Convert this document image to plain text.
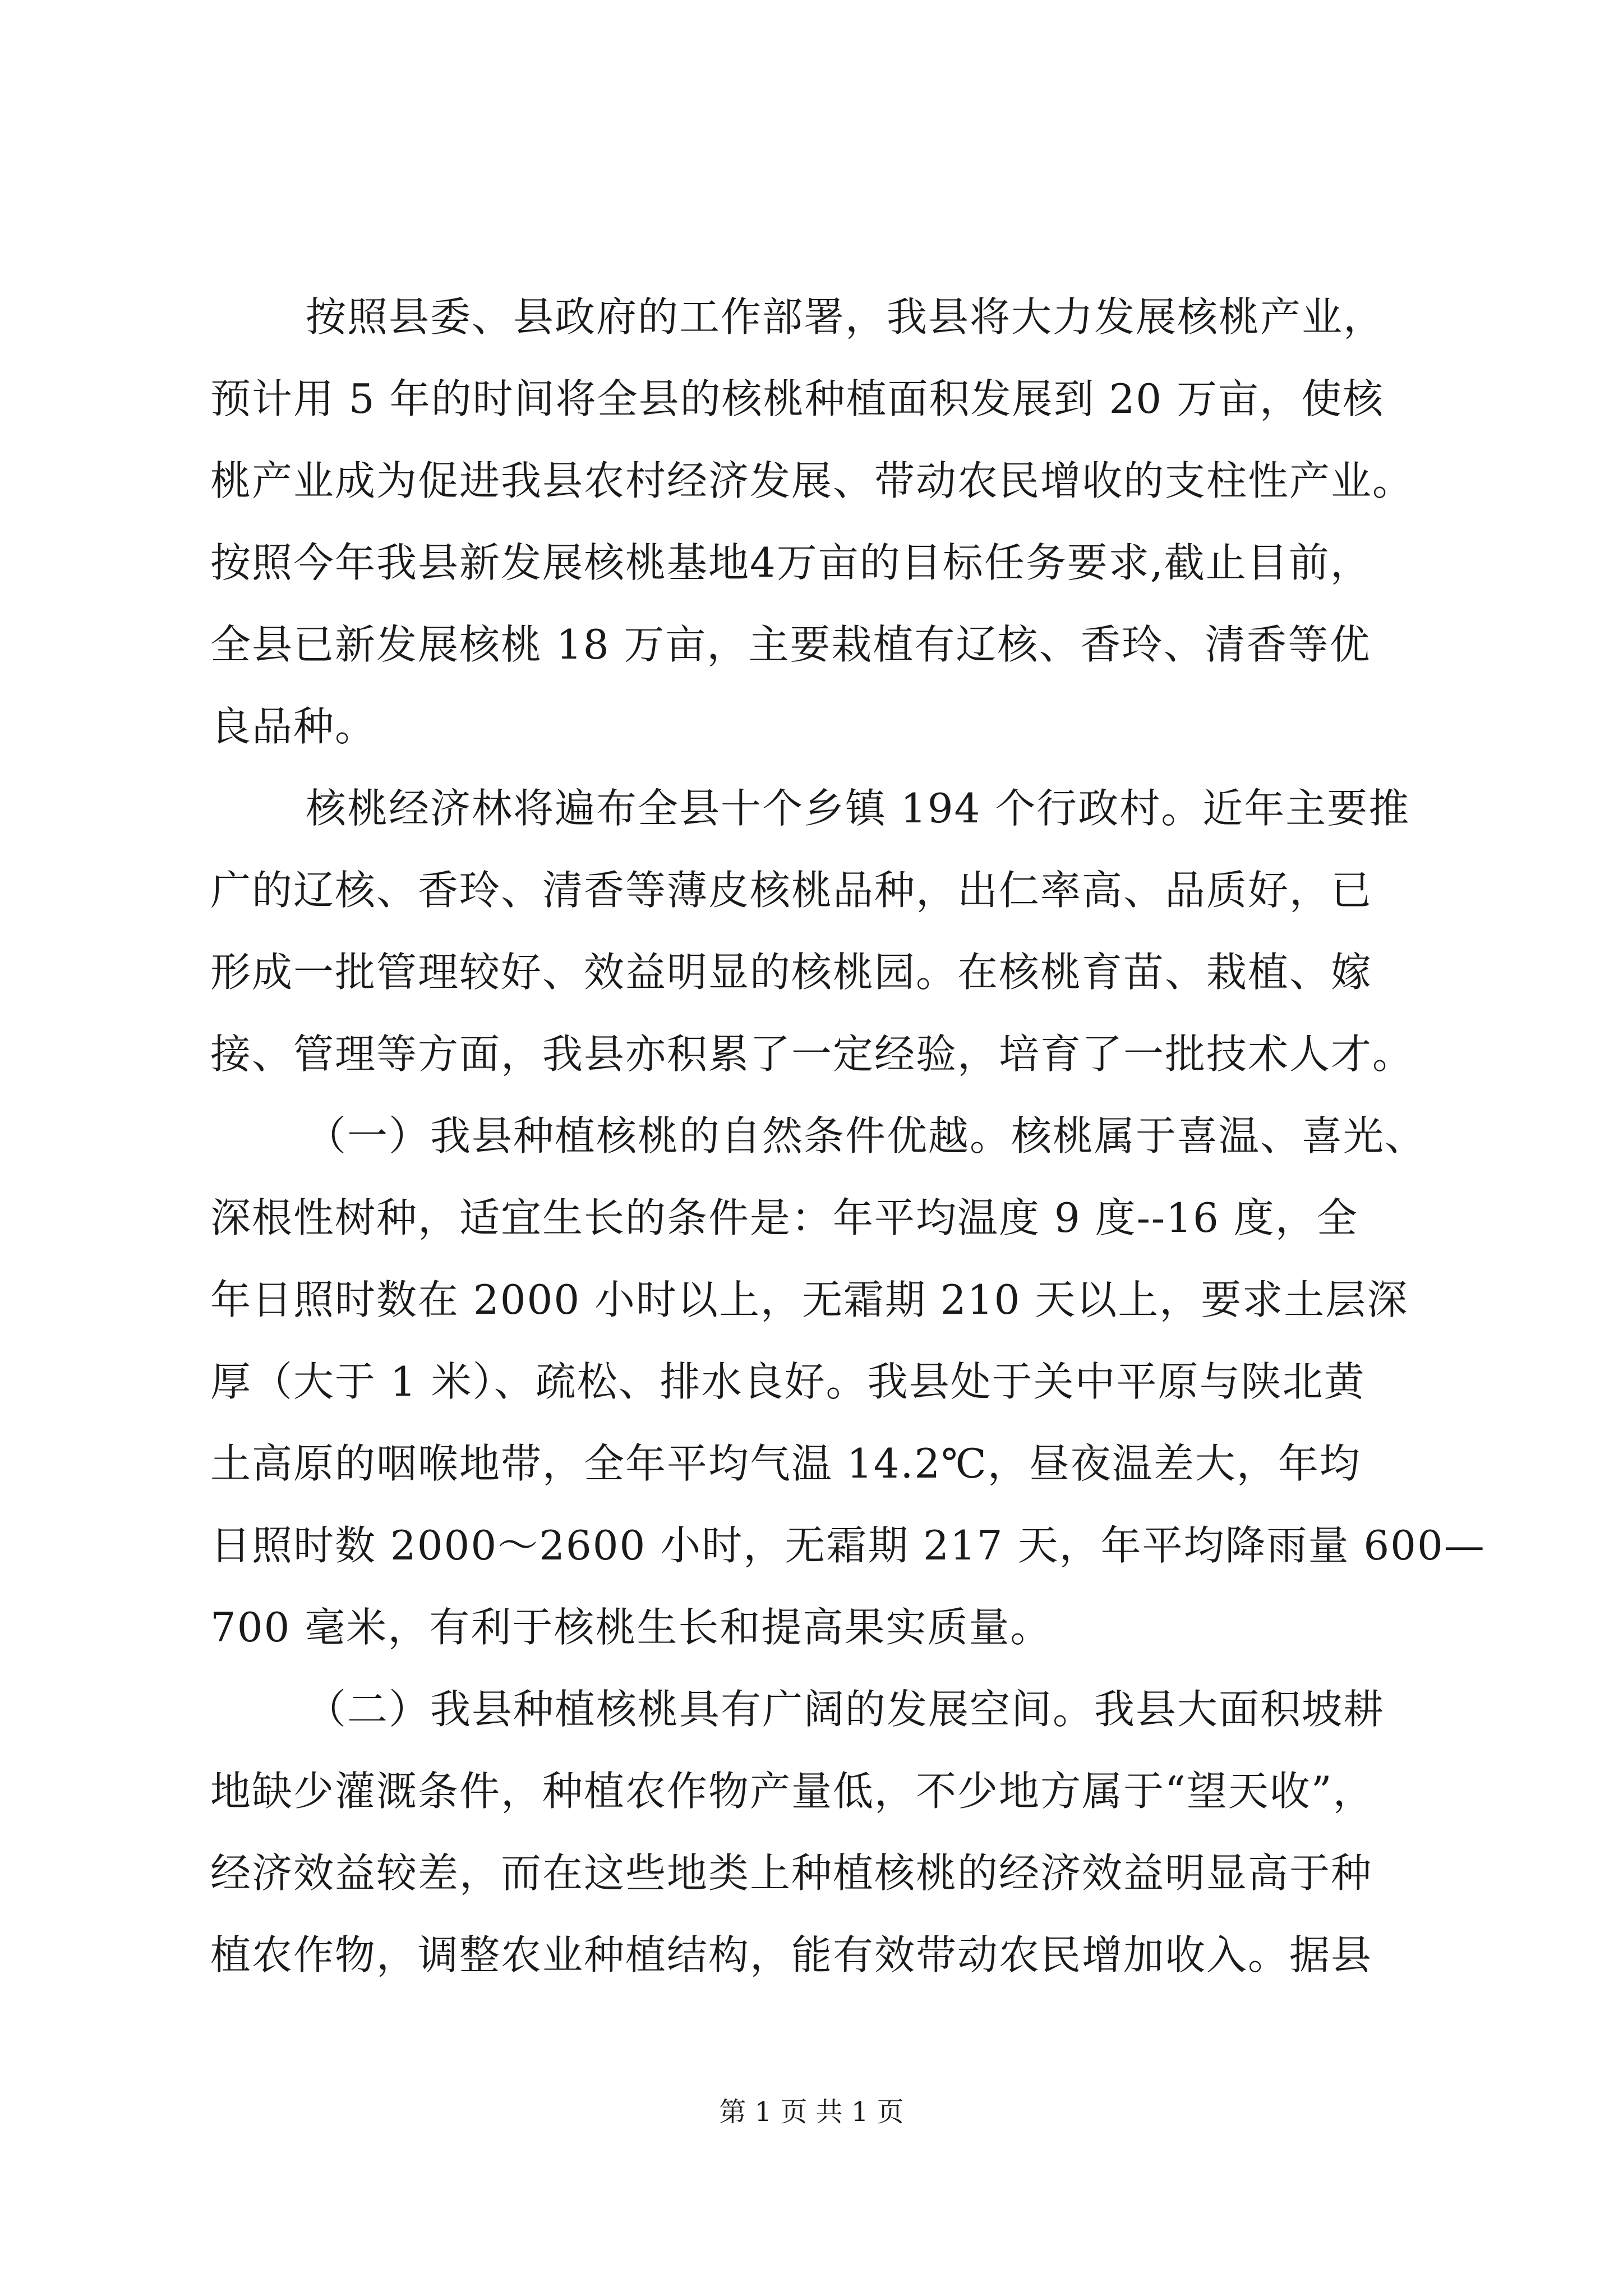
按照县委、县政府的工作部署，我县将大力发展核桃产业，
预计用 5 年的时间将全县的核桃种植面积发展到 20 万亩，使核
桃产业成为促进我县农村经济发展、带动农民增收的支柱性产业。
按照今年我县新发展核桃基地4万亩的目标任务要求,截止目前，
全县已新发展核桃 18 万亩，主要栽植有辽核、香玲、清香等优
良品种。
核桃经济林将遍布全县十个乡镇 194 个行政村。近年主要推
广的辽核、香玲、清香等薄皮核桃品种，出仁率高、品质好，已
形成一批管理较好、效益明显的核桃园。在核桃育苗、栽植、嫁
接、管理等方面，我县亦积累了一定经验，培育了一批技术人才。
（一）我县种植核桃的自然条件优越。核桃属于喜温、喜光、
深根性树种，适宜生长的条件是：年平均温度 9 度--16 度，全
年日照时数在 2000 小时以上，无霜期 210 天以上，要求土层深
厚（大于 1 米）、疏松、排水良好。我县处于关中平原与陕北黄
土高原的咽喉地带，全年平均气温 14.2℃，昼夜温差大，年均
日照时数 2000～2600 小时，无霜期 217 天，年平均降雨量 600—
700 毫米，有利于核桃生长和提高果实质量。
（二）我县种植核桃具有广阔的发展空间。我县大面积坡耕
地缺少灌溉条件，种植农作物产量低，不少地方属于“望天收”，
经济效益较差，而在这些地类上种植核桃的经济效益明显高于种
植农作物，调整农业种植结构，能有效带动农民增加收入。据县
第 1 页 共 1 页
